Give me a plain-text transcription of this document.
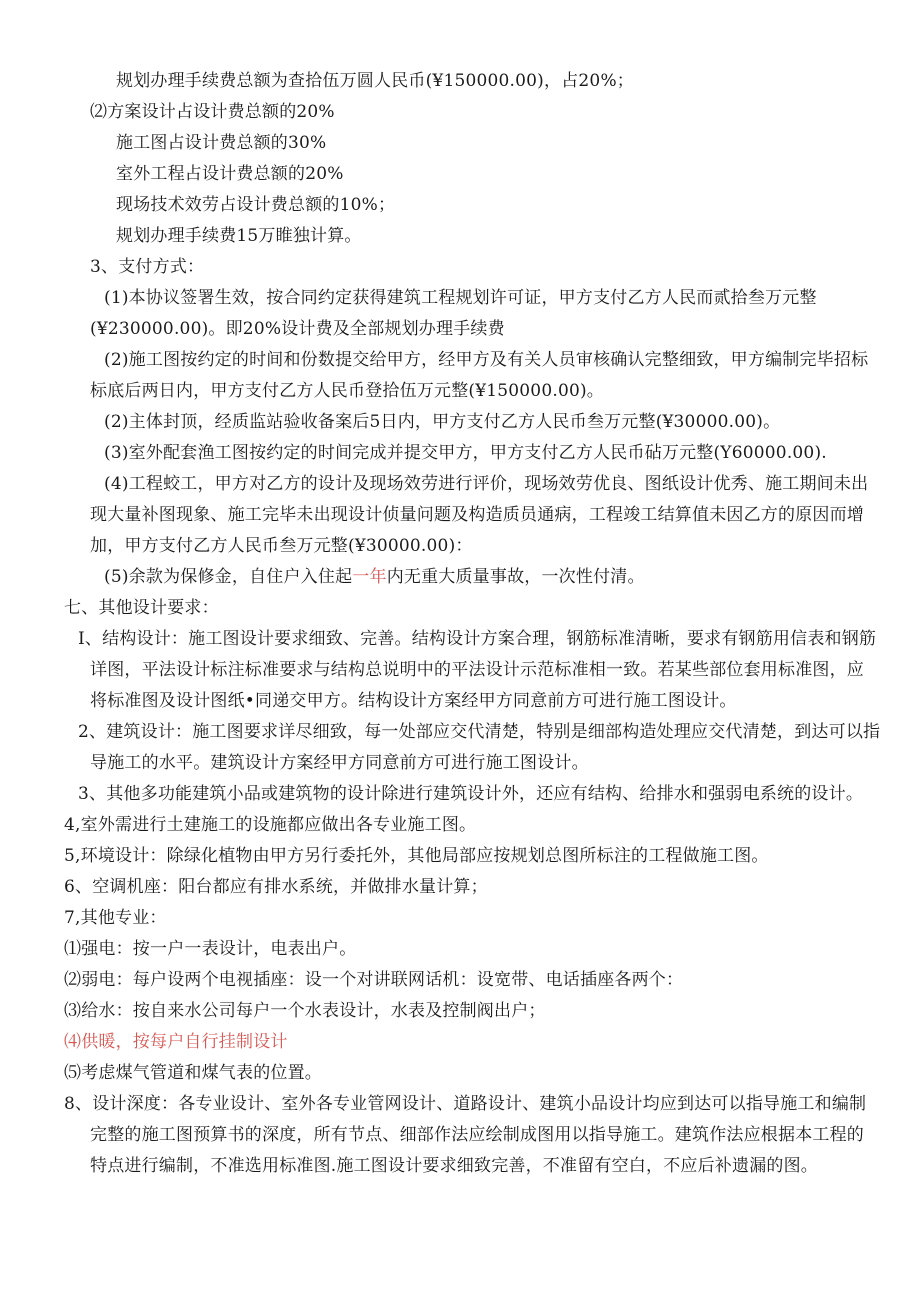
规划办理手续费总额为查拾伍万圆人民币(¥150000.00)，占20%；
⑵方案设计占设计费总额的20%
施工图占设计费总额的30%
室外工程占设计费总额的20%
现场技术效劳占设计费总额的10%；
规划办理手续费15万睢独计算。
3、支付方式：
(1)本协议签署生效，按合同约定获得建筑工程规划许可证，甲方支付乙方人民而贰拾叁万元整
(¥230000.00)。即20%设计费及全部规划办理手续费
(2)施工图按约定的时间和份数提交给甲方，经甲方及有关人员审核确认完整细致，甲方编制完毕招标
标底后两日内，甲方支付乙方人民币登拾伍万元整(¥150000.00)。
(2)主体封顶，经质监站验收备案后5日内，甲方支付乙方人民币叁万元整(¥30000.00)。
(3)室外配套渔工图按约定的时间完成并提交甲方，甲方支付乙方人民币砧万元整(Y60000.00).
(4)工程蛟工，甲方对乙方的设计及现场效劳进行评价，现场效劳优良、图纸设计优秀、施工期间未出
现大量补图现象、施工完毕未出现设计侦量问题及构造质员通病，工程竣工结算值未因乙方的原因而增
加，甲方支付乙方人民币叁万元整(¥30000.00)：
(5)余款为保修金，自住户入住起一年内无重大质量事故，一次性付清。
七、其他设计要求：
I、结构设计：施工图设计要求细致、完善。结构设计方案合理，钢筋标准清晰，要求有钢筋用信表和钢筋
详图，平法设计标注标准要求与结构总说明中的平法设计示范标准相一致。若某些部位套用标准图，应
将标准图及设计图纸•同递交甲方。结构设计方案经甲方同意前方可进行施工图设计。
2、建筑设计：施工图要求详尽细致，每一处部应交代清楚，特别是细部构造处理应交代清楚，到达可以指
导施工的水平。建筑设计方案经甲方同意前方可进行施工图设计。
3、其他多功能建筑小品或建筑物的设计除进行建筑设计外，还应有结构、给排水和强弱电系统的设计。
4,室外需进行土建施工的设施都应做出各专业施工图。
5,环境设计：除绿化植物由甲方另行委托外，其他局部应按规划总图所标注的工程做施工图。
6、空调机座：阳台都应有排水系统，并做排水量计算；
7,其他专业：
⑴强电：按一户一表设计，电表出户。
⑵弱电：每户设两个电视插座：设一个对讲联网话机：设宽带、电话插座各两个：
⑶给水：按自来水公司每户一个水表设计，水表及控制阀出户；
⑷供暖，按每户自行挂制设计
⑸考虑煤气管道和煤气表的位置。
8、设计深度：各专业设计、室外各专业管网设计、道路设计、建筑小品设计均应到达可以指导施工和编制
完整的施工图预算书的深度，所有节点、细部作法应绘制成图用以指导施工。建筑作法应根据本工程的
特点进行编制，不准选用标准图.施工图设计要求细致完善，不准留有空白，不应后补遗漏的图。
